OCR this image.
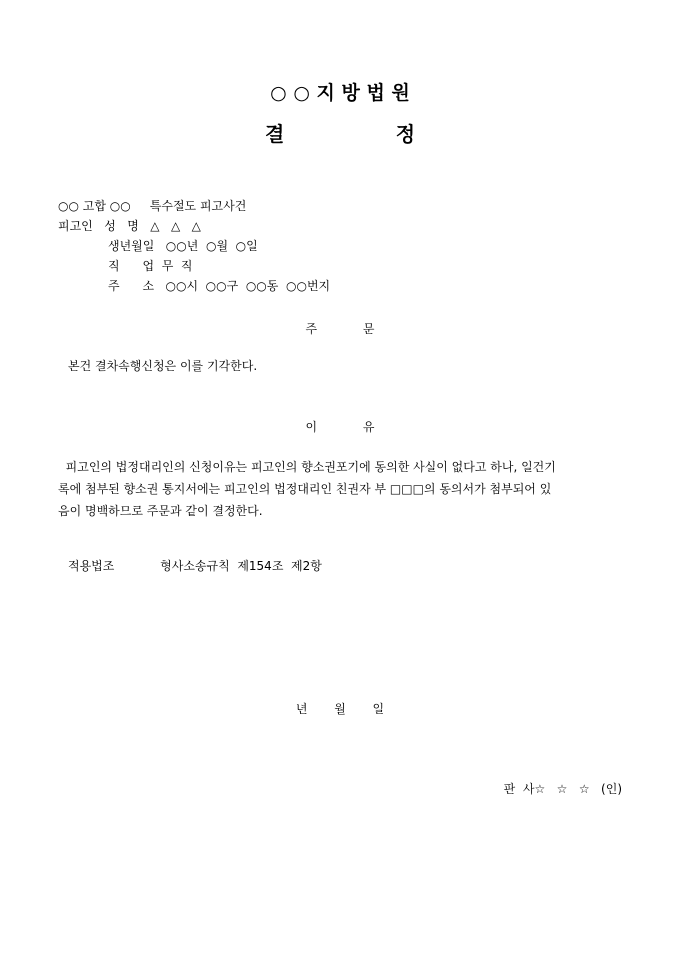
○ ○ 지 방 법 원
결                정
○○ 고합 ○○     특수절도 피고사건
피고인   성   명   △   △   △
생년월일   ○○년  ○월  ○일
직      업  무  직
주      소   ○○시  ○○구  ○○동  ○○번지
주            문
본건 결차속행신청은 이를 기각한다.
이            유
피고인의 법정대리인의 신청이유는 피고인의 향소권포기에 동의한 사실이 없다고 하나, 일건기
록에 첨부된 향소권 통지서에는 피고인의 법정대리인 친권자 부 □□□의 동의서가 첨부되어 있
음이 명백하므로 주문과 같이 결정한다.
적용법조            형사소송규칙  제154조  제2항
년       월       일
판  사☆   ☆   ☆   (인)
